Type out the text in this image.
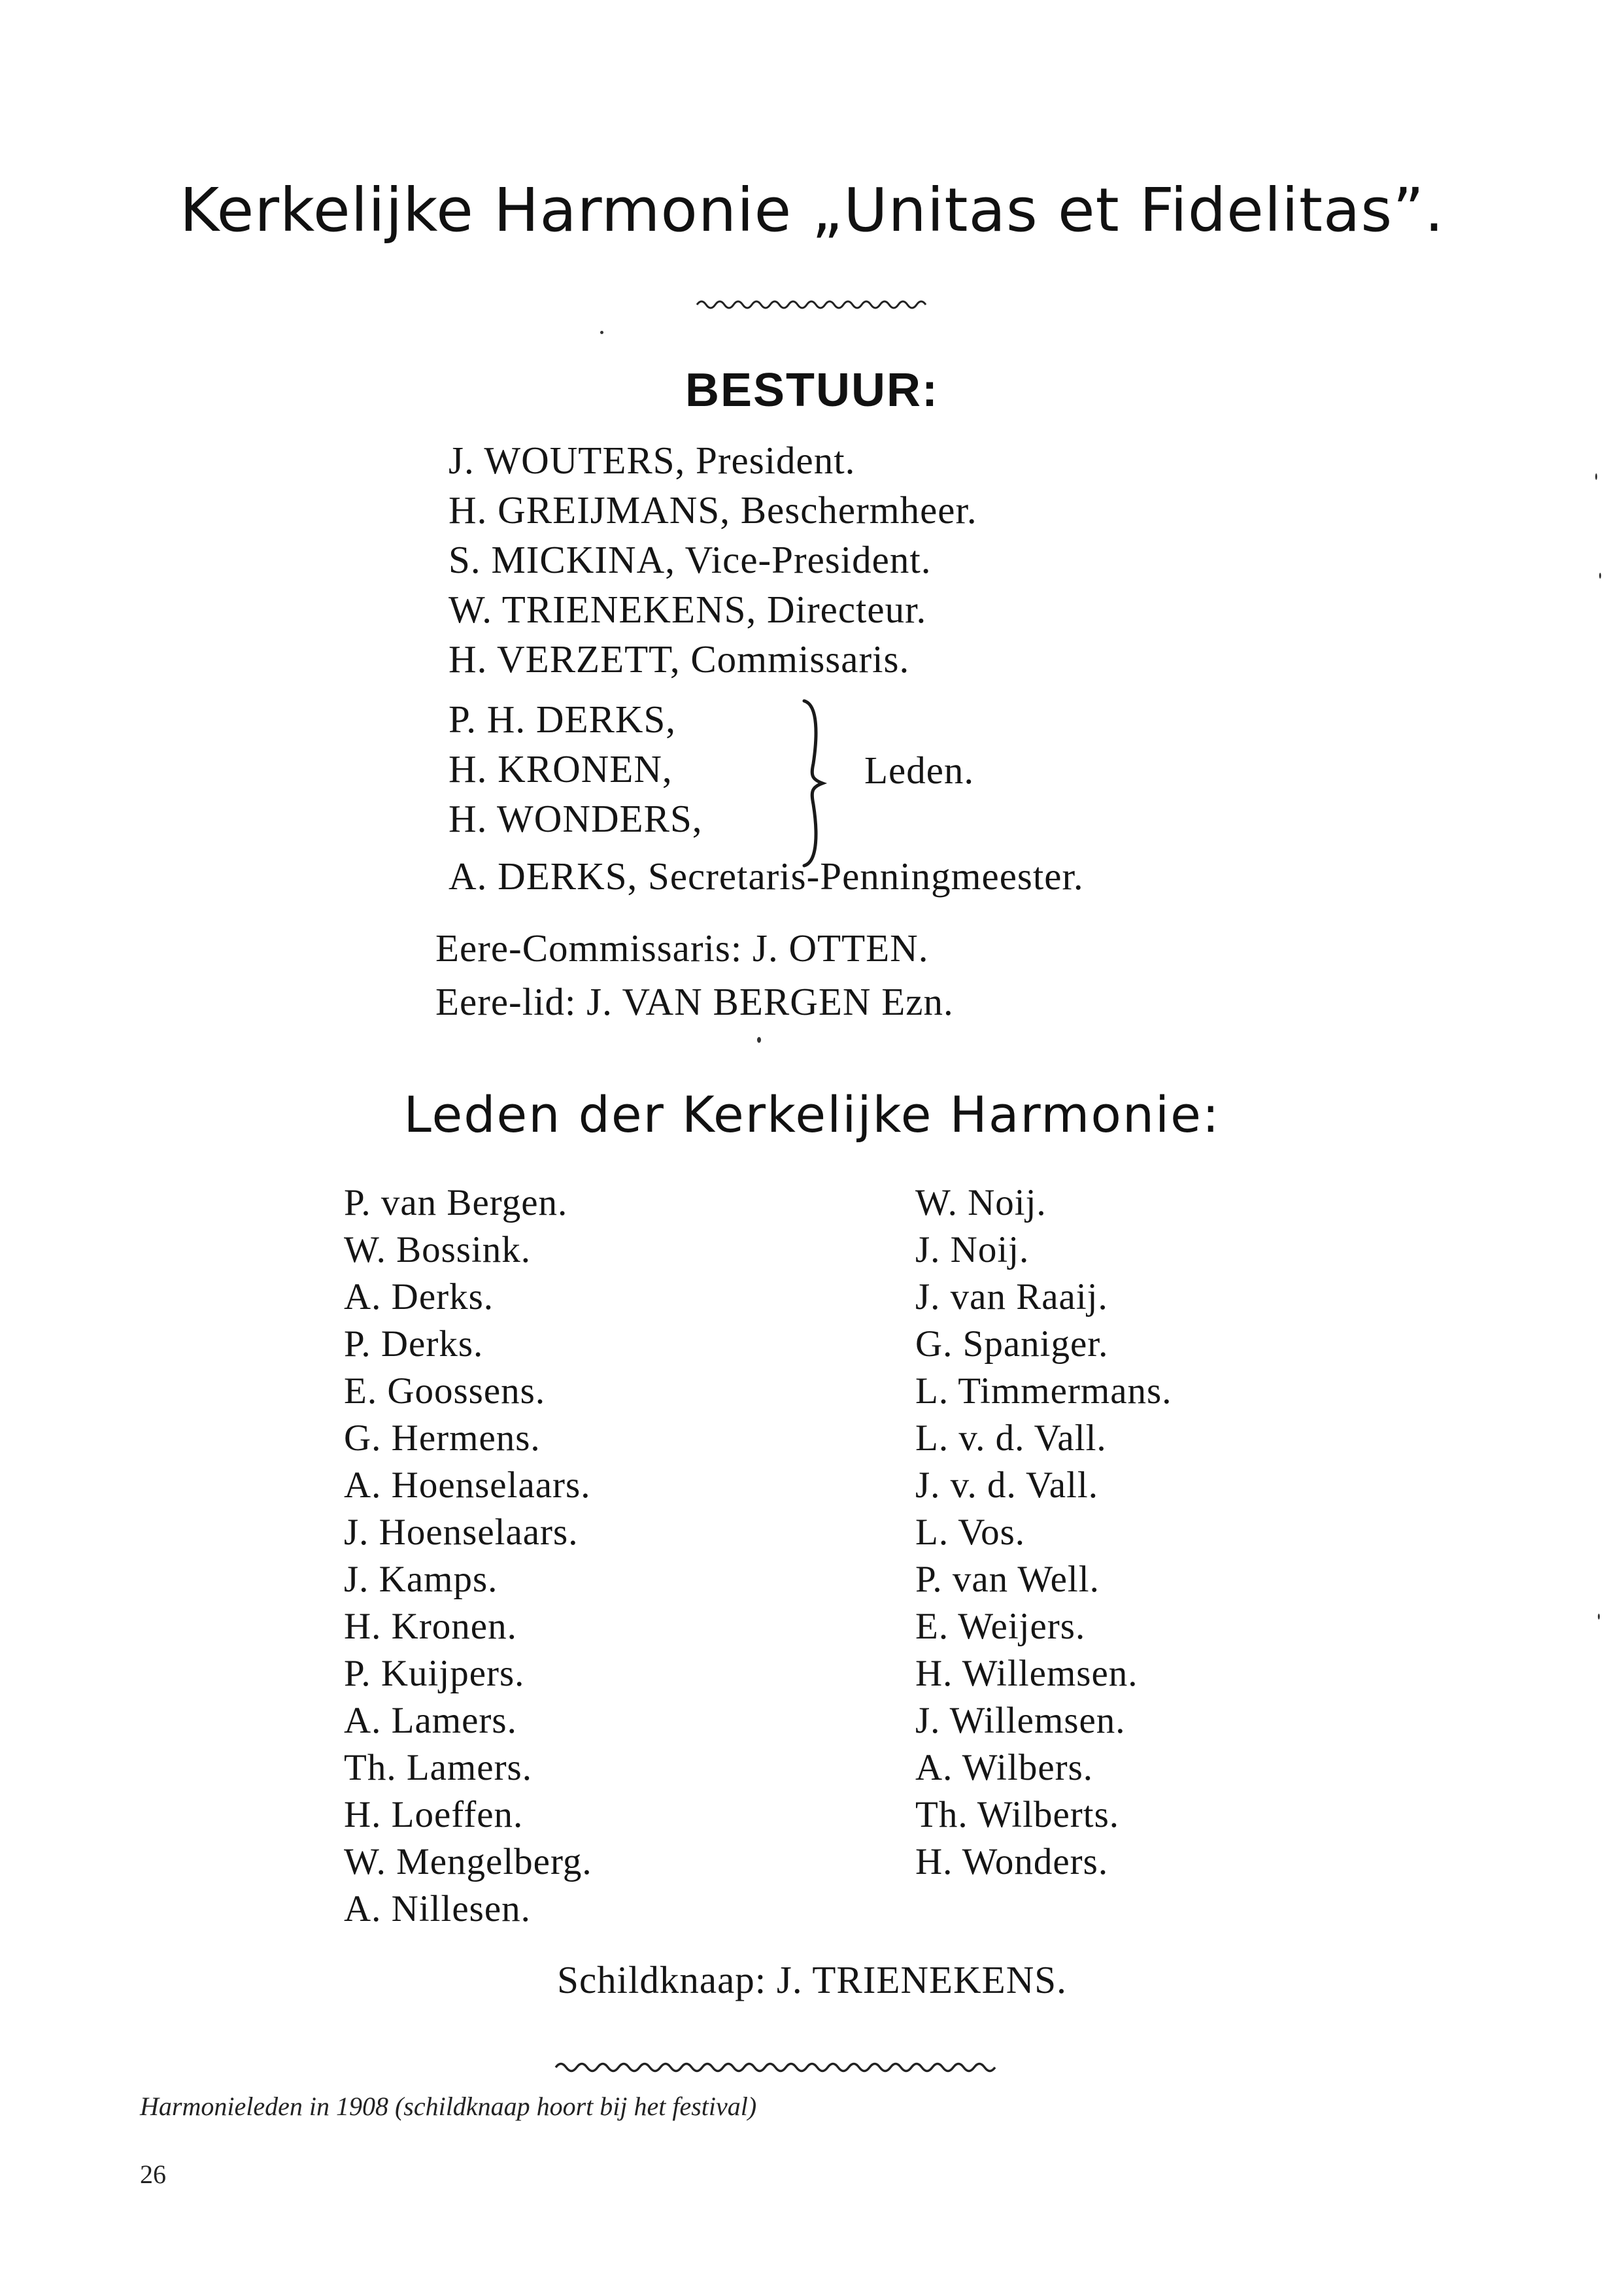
Kerkelijke Harmonie „Unitas et Fidelitas”.
BESTUUR:
J. WOUTERS, President.
H. GREIJMANS, Beschermheer.
S. MICKINA, Vice-President.
W. TRIENEKENS, Directeur.
H. VERZETT, Commissaris.
P. H. DERKS,
H. KRONEN,
H. WONDERS,
A. DERKS, Secretaris-Penningmeester.
Leden.
Eere-Commissaris: J. OTTEN.
Eere-lid: J. VAN BERGEN Ezn.
Leden der Kerkelijke Harmonie:
P. van Bergen.
W. Bossink.
A. Derks.
P. Derks.
E. Goossens.
G. Hermens.
A. Hoenselaars.
J. Hoenselaars.
J. Kamps.
H. Kronen.
P. Kuijpers.
A. Lamers.
Th. Lamers.
H. Loeffen.
W. Mengelberg.
A. Nillesen.
W. Noij.
J. Noij.
J. van Raaij.
G. Spaniger.
L. Timmermans.
L. v. d. Vall.
J. v. d. Vall.
L. Vos.
P. van Well.
E. Weijers.
H. Willemsen.
J. Willemsen.
A. Wilbers.
Th. Wilberts.
H. Wonders.
Schildknaap: J. TRIENEKENS.
Harmonieleden in 1908 (schildknaap hoort bij het festival)
26
